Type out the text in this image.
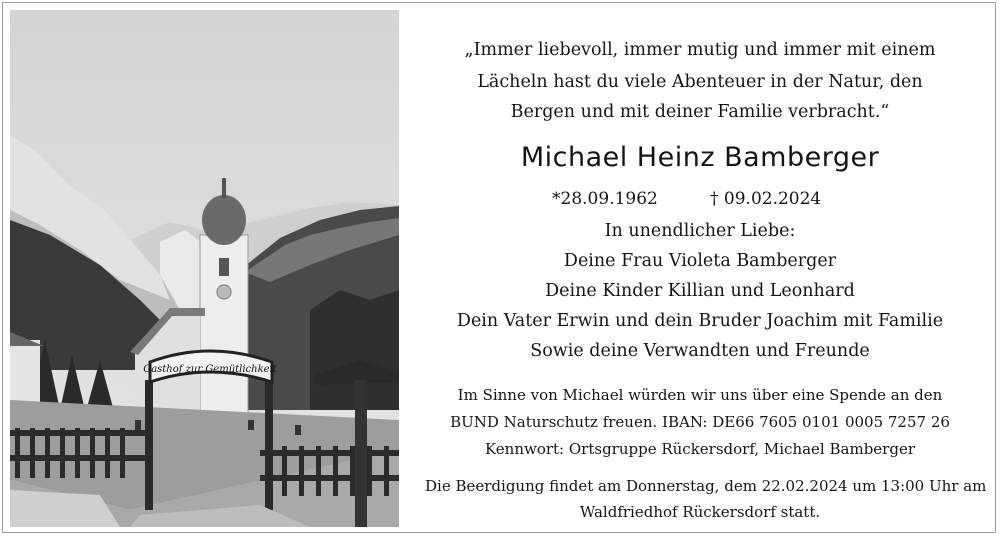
Gasthof zur Gemütlichkeit
„Immer liebevoll, immer mutig und immer mit einem
Lächeln hast du viele Abenteuer in der Natur, den
Bergen und mit deiner Familie verbracht.“
Michael Heinz Bamberger
*28.09.1962	† 09.02.2024
In unendlicher Liebe:
Deine Frau Violeta Bamberger
Deine Kinder Killian und Leonhard
Dein Vater Erwin und dein Bruder Joachim mit Familie
Sowie deine Verwandten und Freunde
Im Sinne von Michael würden wir uns über eine Spende an den
BUND Naturschutz freuen. IBAN: DE66 7605 0101 0005 7257 26
Kennwort: Ortsgruppe Rückersdorf, Michael Bamberger
Die Beerdigung findet am Donnerstag, dem 22.02.2024 um 13:00 Uhr am
Waldfriedhof Rückersdorf statt.
